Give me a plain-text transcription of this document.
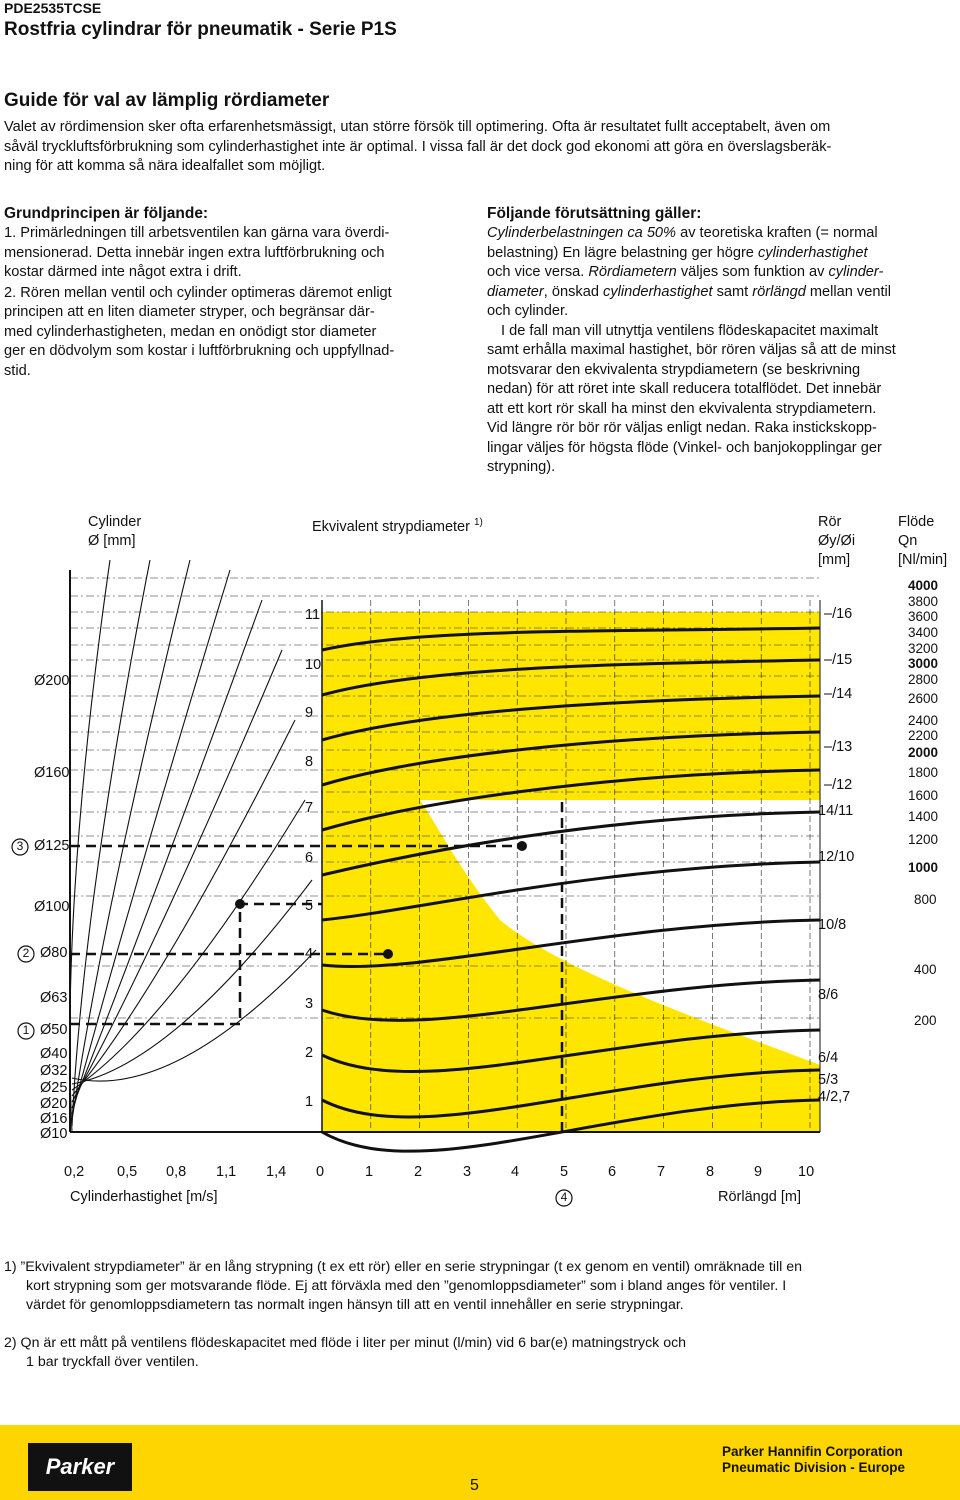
PDE2535TCSE
Rostfria cylindrar för pneumatik - Serie P1S
Guide för val av lämplig rördiameter
Valet av rördimension sker ofta erfarenhetsmässigt, utan större försök till optimering. Ofta är resultatet fullt acceptabelt, även om
såväl tryckluftsförbrukning som cylinderhastighet inte är optimal. I vissa fall är det dock god ekonomi att göra en överslagsberäk-
ning för att komma så nära idealfallet som möjligt.
Grundprincipen är följande:
1. Primärledningen till arbetsventilen kan gärna vara överdi-
mensionerad. Detta innebär ingen extra luftförbrukning och
kostar därmed inte något extra i drift.
2. Rören mellan ventil och cylinder optimeras däremot enligt
principen att en liten diameter stryper, och begränsar där-
med cylinderhastigheten, medan en onödigt stor diameter
ger en dödvolym som kostar i luftförbrukning och uppfyllnad-
stid.
Följande förutsättning gäller:
Cylinderbelastningen ca 50% av teoretiska kraften (= normal
belastning) En lägre belastning ger högre cylinderhastighet
och vice versa. Rördiametern väljes som funktion av cylinder-
diameter, önskad cylinderhastighet samt rörlängd mellan ventil
och cylinder.
I de fall man vill utnyttja ventilens flödeskapacitet maximalt
samt erhålla maximal hastighet, bör rören väljas så att de minst
motsvarar den ekvivalenta strypdiametern (se beskrivning
nedan) för att röret inte skall reducera totalflödet. Det innebär
att ett kort rör skall ha minst den ekvivalenta strypdiametern.
Vid längre rör bör rör väljas enligt nedan. Raka instickskopp-
lingar väljes för högsta flöde (Vinkel- och banjokopplingar ger
strypning).
Cylinder
Ø [mm]
Ekvivalent strypdiameter $^{1)}$	Rör
Øy/Øi
[mm]
Flöde
Qn
[Nl/min]
Ø200
Ø160
Ø125
Ø100
Ø80
Ø63
Ø50
Ø40
Ø32
Ø25
Ø20
Ø16
Ø10
3
2
1
4
11
10
9
8
7
6
5
4
3
2
1
–/16
–/15
–/14
–/13
–/12
14/11
12/10
10/8
8/6
6/4
5/3
4/2,7
4000
3800
3600
3400
3200
3000
2800
2600
2400
2200
2000
1800
1600
1400
1200
1000
800
400
200
0,2 0,5 0,8 1,1 1,4
Cylinderhastighet [m/s]
0	1	2	3	4	5	6	7	8	9 10
Rörlängd [m]
1) ”Ekvivalent strypdiameter” är en lång strypning (t ex ett rör) eller en serie strypningar (t ex genom en ventil) omräknade till en
kort strypning som ger motsvarande flöde. Ej att förväxla med den ”genomloppsdiameter” som i bland anges för ventiler. I
värdet för genomloppsdiametern tas normalt ingen hänsyn till att en ventil innehåller en serie strypningar.
2) Qn är ett mått på ventilens flödeskapacitet med flöde i liter per minut (l/min) vid 6 bar(e) matningstryck och
1 bar tryckfall över ventilen.
Parker
Parker Hannifin Corporation
Pneumatic Division - Europe
5
